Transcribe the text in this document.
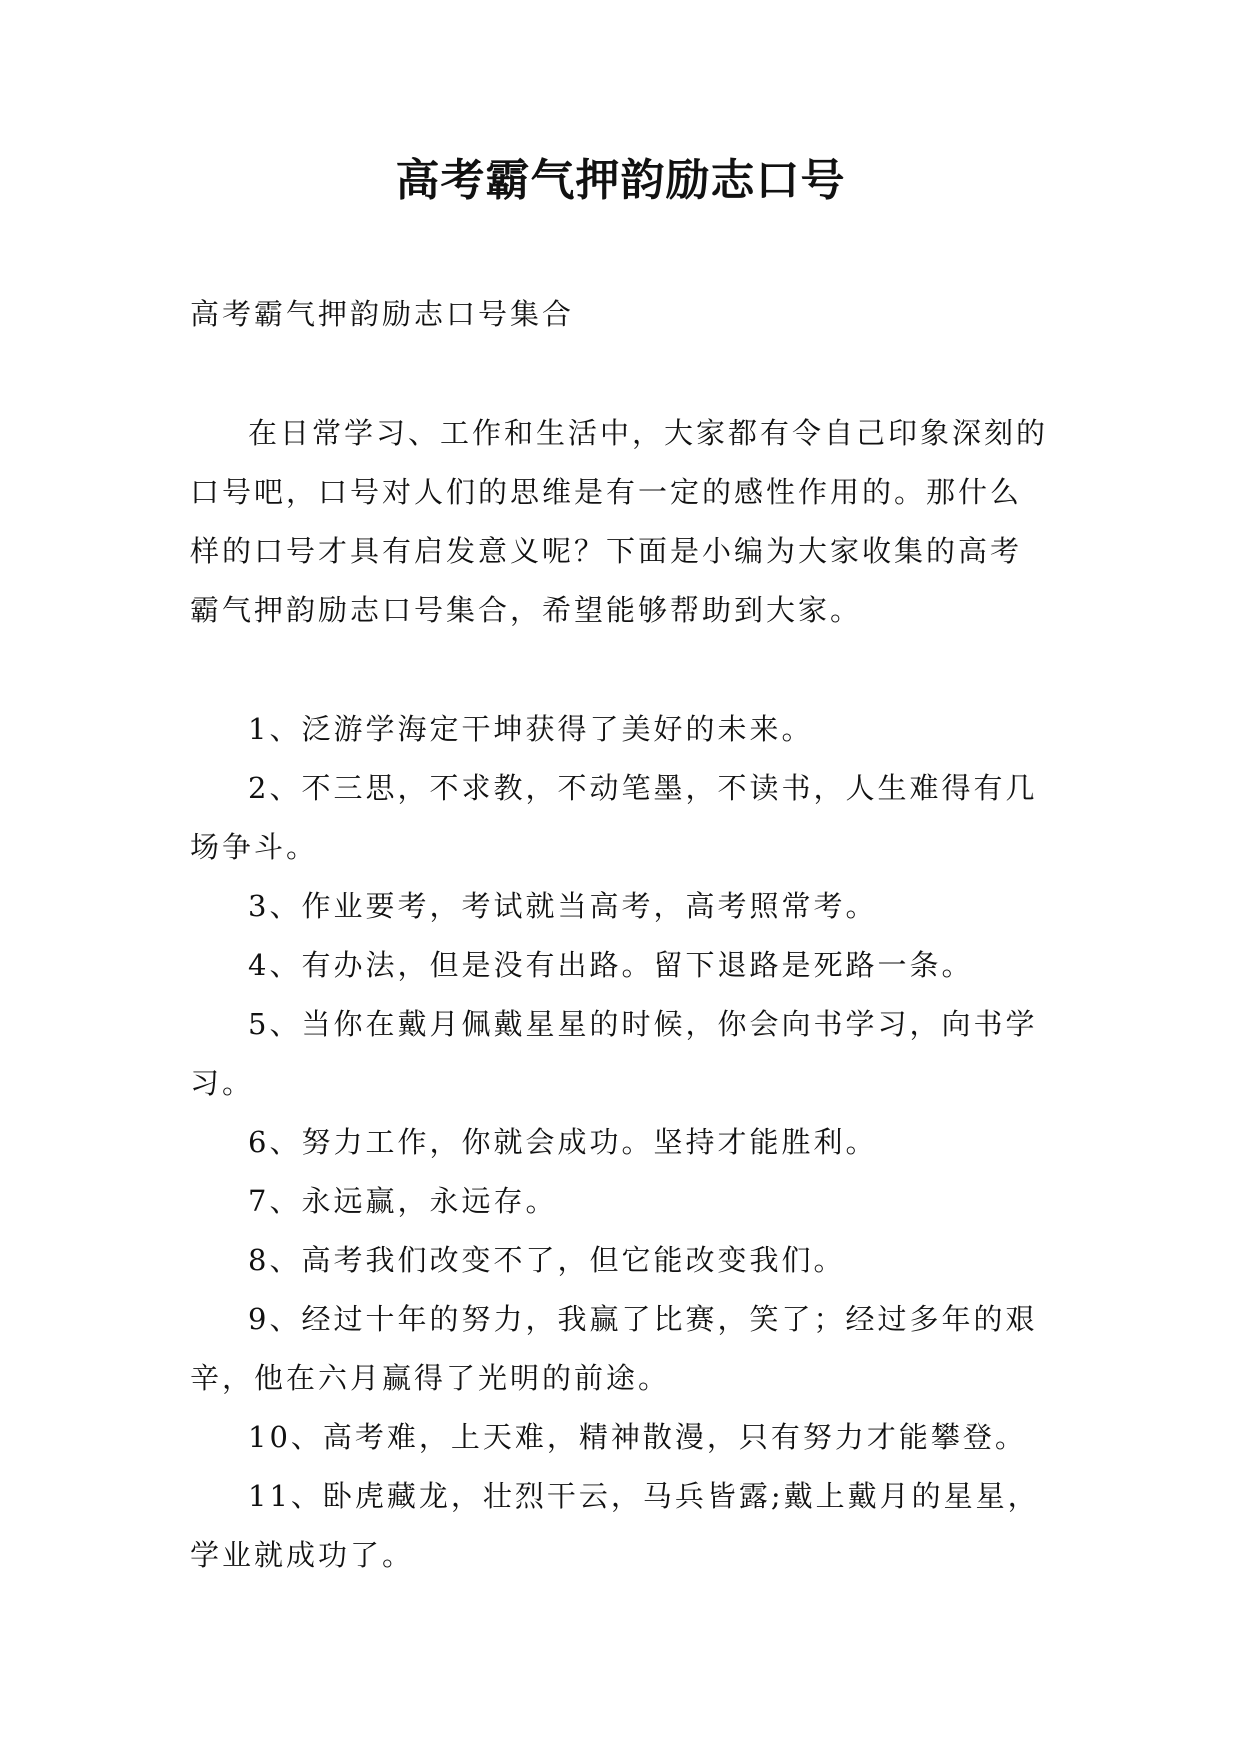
高考霸气押韵励志口号

高考霸气押韵励志口号集合

在日常学习、工作和生活中，大家都有令自己印象深刻的口号吧，口号对人们的思维是有一定的感性作用的。那什么样的口号才具有启发意义呢？下面是小编为大家收集的高考霸气押韵励志口号集合，希望能够帮助到大家。

1、泛游学海定干坤获得了美好的未来。

2、不三思，不求教，不动笔墨，不读书，人生难得有几场争斗。

3、作业要考，考试就当高考，高考照常考。

4、有办法，但是没有出路。留下退路是死路一条。

5、当你在戴月佩戴星星的时候，你会向书学习，向书学习。

6、努力工作，你就会成功。坚持才能胜利。

7、永远赢，永远存。

8、高考我们改变不了，但它能改变我们。

9、经过十年的努力，我赢了比赛，笑了；经过多年的艰辛，他在六月赢得了光明的前途。

10、高考难，上天难，精神散漫，只有努力才能攀登。

11、卧虎藏龙，壮烈干云，马兵皆露;戴上戴月的星星，学业就成功了。
